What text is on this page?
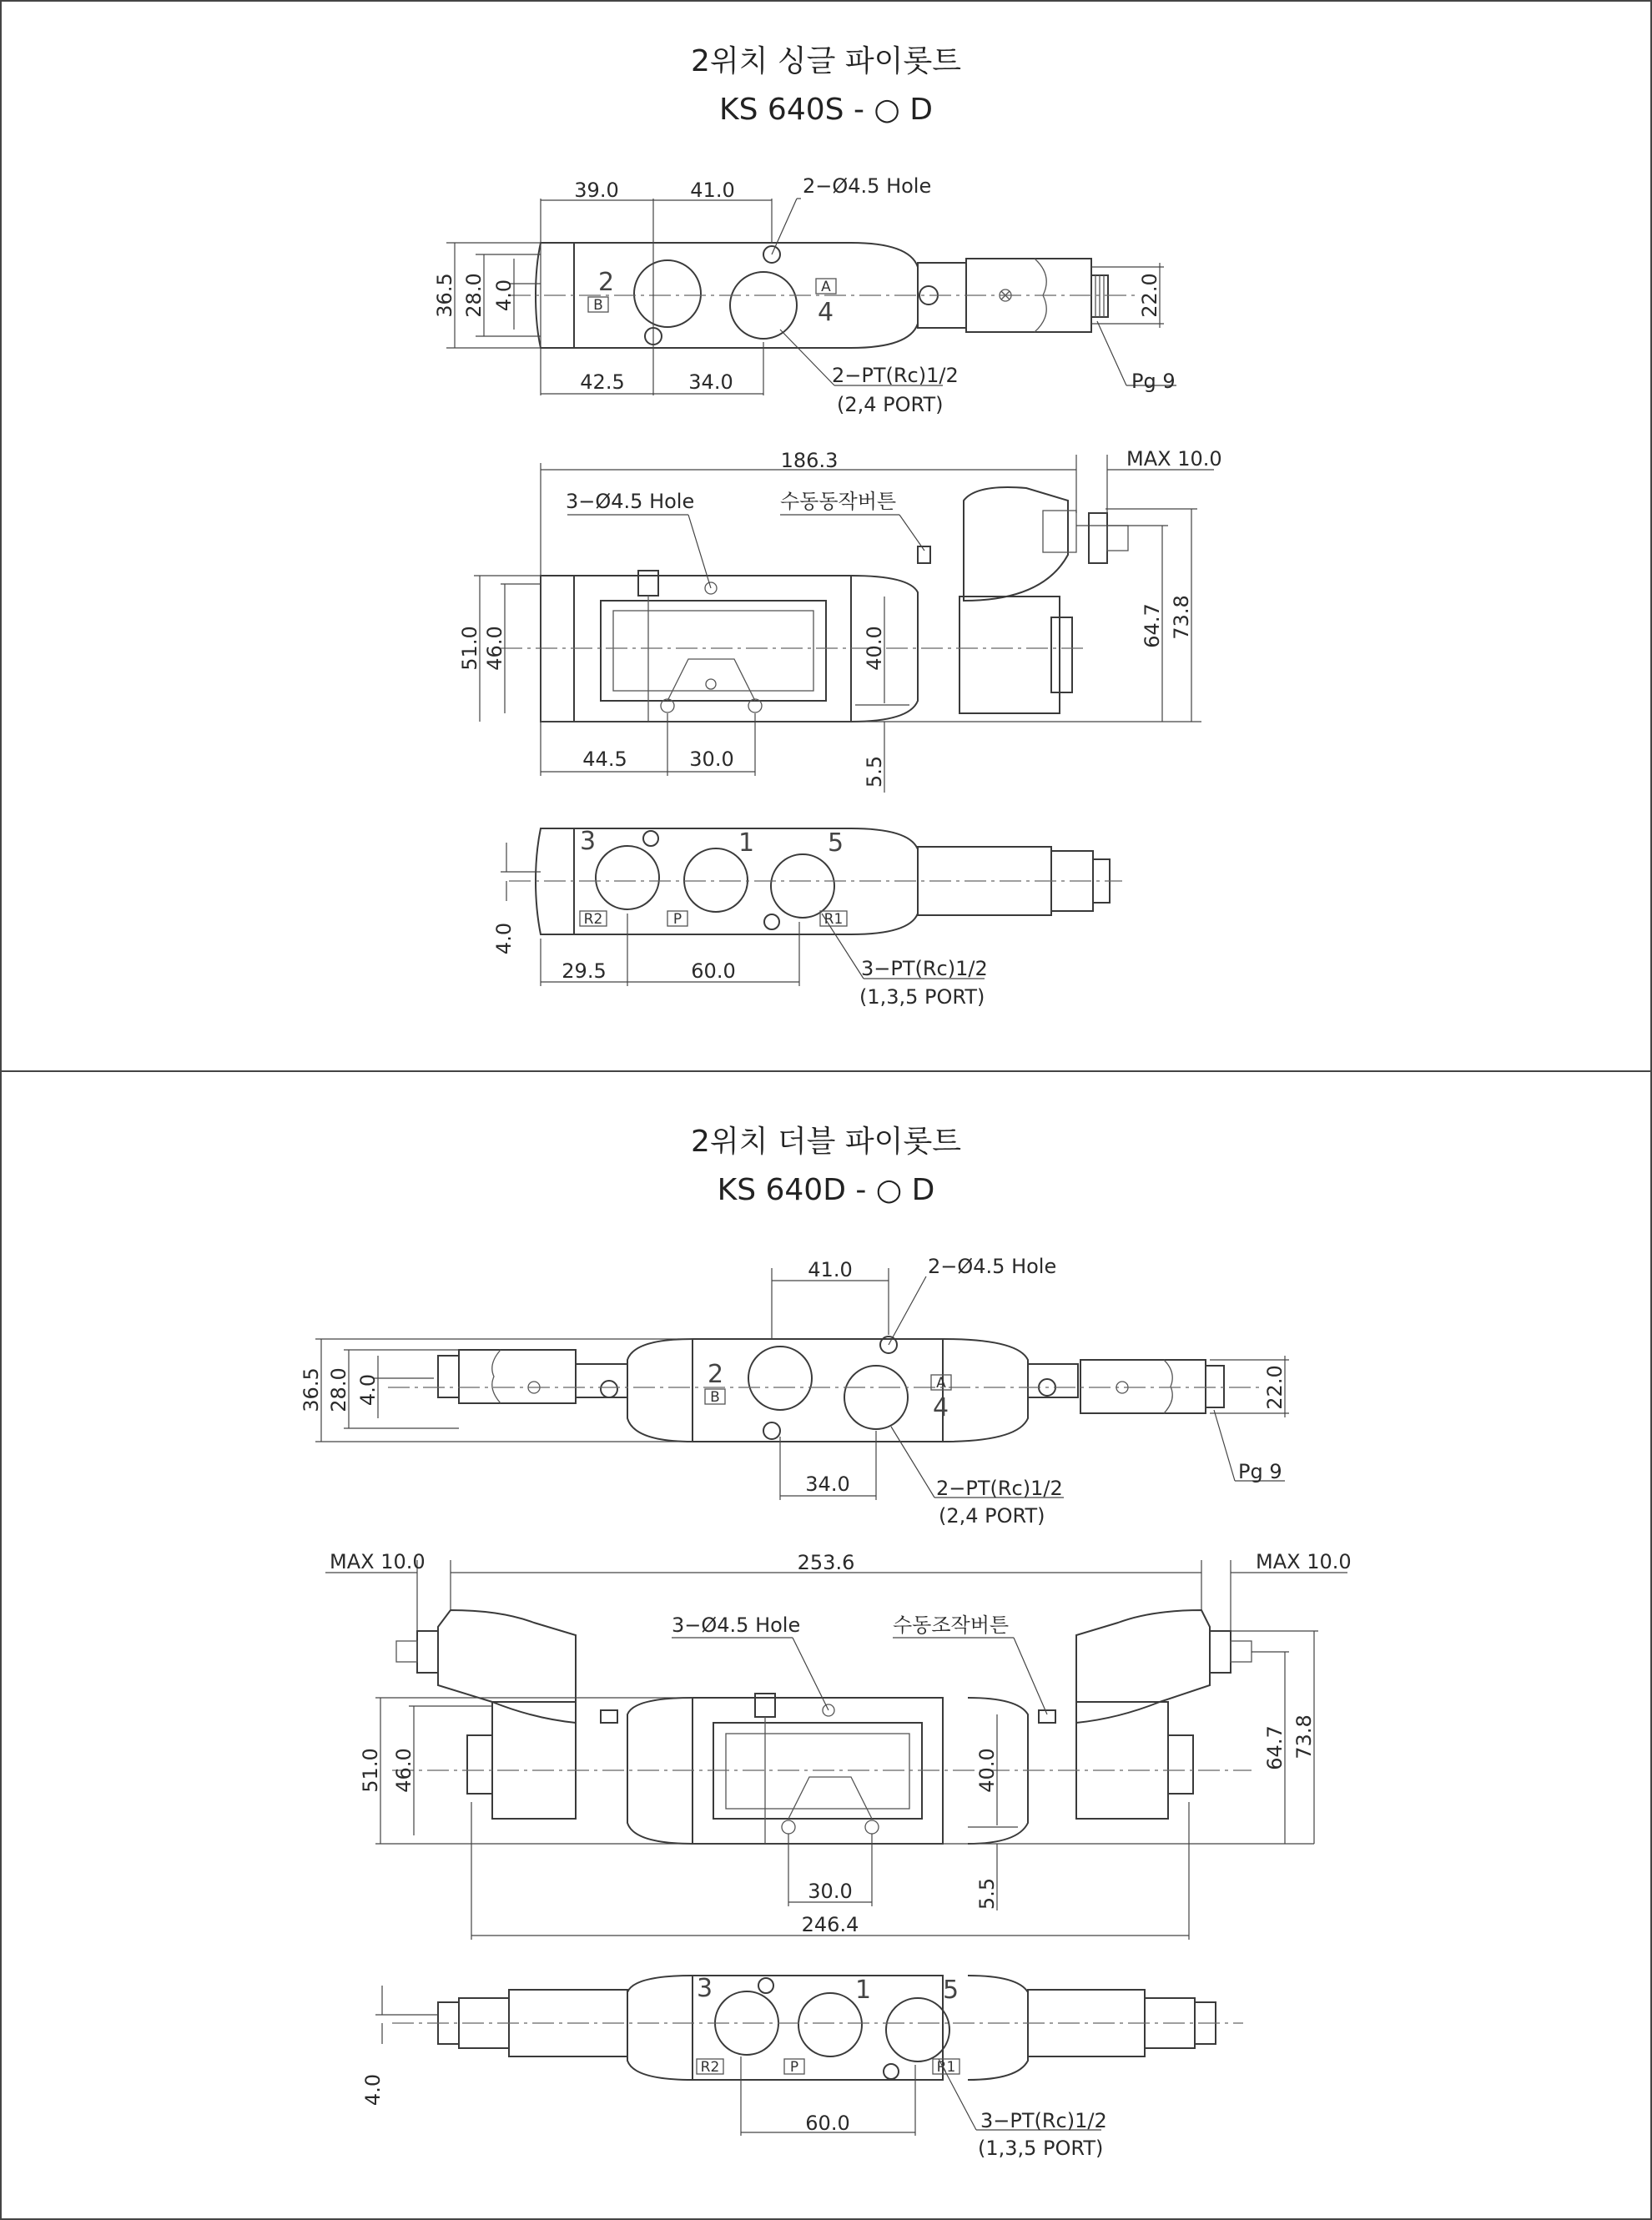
2위치 싱글 파이롯트
KS 640S - ○ D
2
B
A
4
39.0	41.0	2−Ø4.5 Hole
42.5	34.0	2−PT(Rc)1/2
(2,4 PORT)
36.5 28.0 4.0	22.0
Pg 9
186.3	MAX 10.0
3−Ø4.5 Hole	수동동작버튼
51.0 46.0	40.0
64.7 73.8
44.5	30.0	5.5
3	1	5
R2	P	R1
4.0
29.5	60.0	3−PT(Rc)1/2
(1,3,5 PORT)
2위치 더블 파이롯트
KS 640D - ○ D
2
B
A
4
41.0	2−Ø4.5 Hole
34.0	2−PT(Rc)1/2
(2,4 PORT)
36.5 28.0 4.0	22.0
Pg 9
MAX 10.0	253.6	MAX 10.0
3−Ø4.5 Hole	수동조작버튼
51.0 46.0	40.0
64.7 73.8
30.0	5.5
246.4
3	1	5
R2	P	R1
4.0
60.0	3−PT(Rc)1/2
(1,3,5 PORT)
